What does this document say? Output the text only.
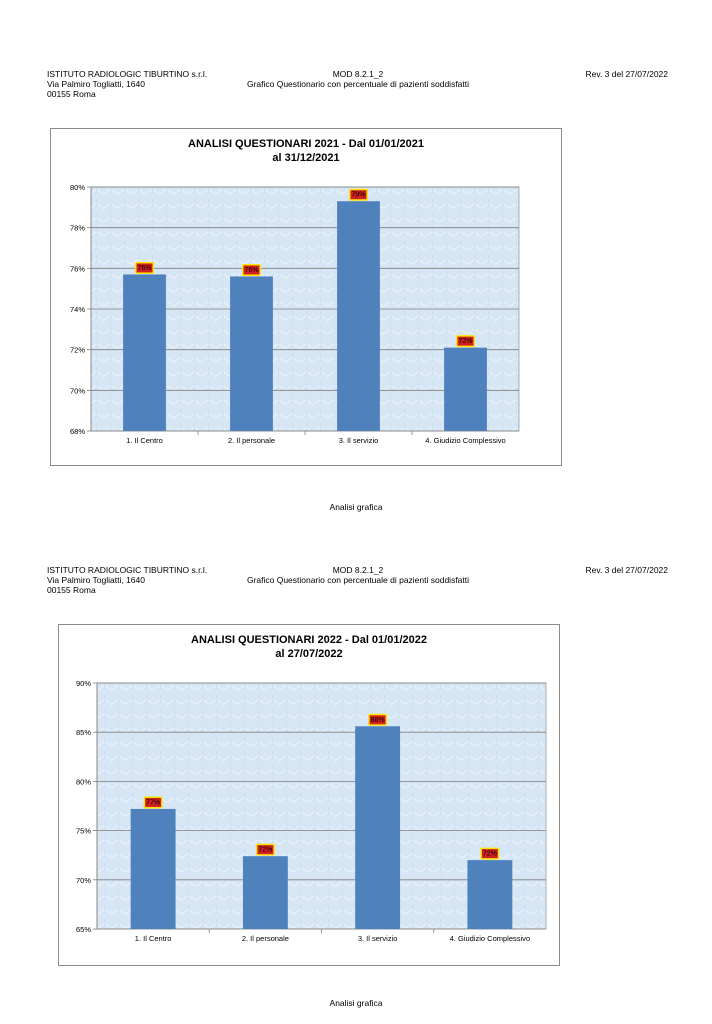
ISTITUTO RADIOLOGIC TIBURTINO s.r.l.
Via Palmiro Togliatti, 1640
00155 Roma
MOD 8.2.1_2
Grafico Questionario con percentuale di pazienti soddisfatti
Rev. 3 del 27/07/2022
ANALISI QUESTIONARI 2021 - Dal 01/01/2021
al 31/12/2021
68%
70%
72%
74%
76%
78%
80%
1. Il Centro
76%
2. Il personale
76%
3. Il servizio
79%
4. Giudizio Complessivo
72%
Analisi grafica
ISTITUTO RADIOLOGIC TIBURTINO s.r.l.
Via Palmiro Togliatti, 1640
00155 Roma
MOD 8.2.1_2
Grafico Questionario con percentuale di pazienti soddisfatti
Rev. 3 del 27/07/2022
ANALISI QUESTIONARI 2022 - Dal 01/01/2022
al 27/07/2022
65%
70%
75%
80%
85%
90%
1. Il Centro
77%
2. Il personale
72%
3. Il servizio
86%
4. Giudizio Complessivo
72%
Analisi grafica
